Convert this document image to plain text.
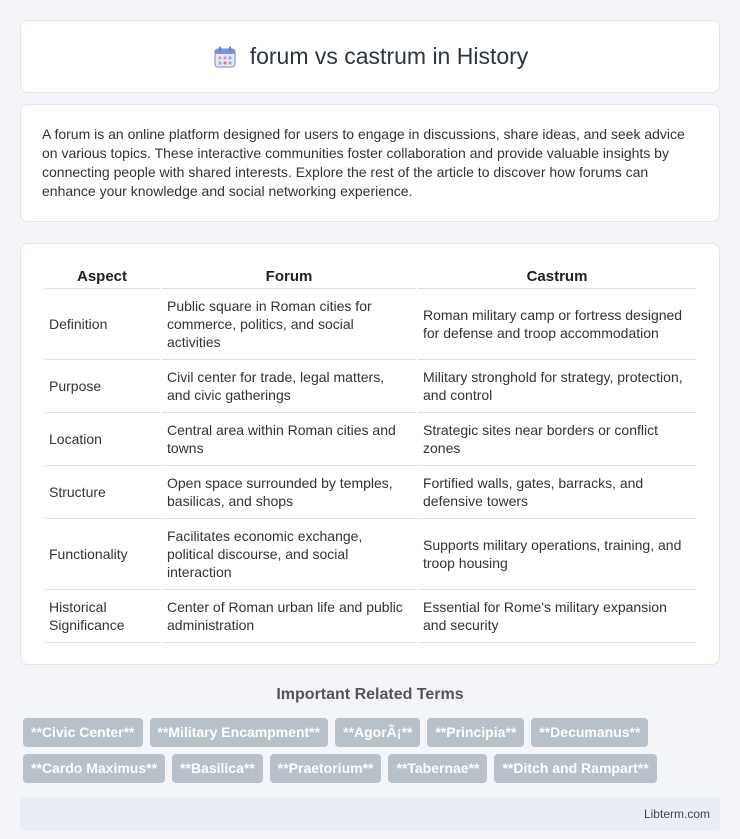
forum vs castrum in History

A forum is an online platform designed for users to engage in discussions, share ideas, and seek advice on various topics. These interactive communities foster collaboration and provide valuable insights by connecting people with shared interests. Explore the rest of the article to discover how forums can enhance your knowledge and social networking experience.

Aspect	Forum	Castrum
Definition	Public square in Roman cities for commerce, politics, and social activities	Roman military camp or fortress designed for defense and troop accommodation
Purpose	Civil center for trade, legal matters, and civic gatherings	Military stronghold for strategy, protection, and control
Location	Central area within Roman cities and towns	Strategic sites near borders or conflict zones
Structure	Open space surrounded by temples, basilicas, and shops	Fortified walls, gates, barracks, and defensive towers
Functionality	Facilitates economic exchange, political discourse, and social interaction	Supports military operations, training, and troop housing
Historical Significance	Center of Roman urban life and public administration	Essential for Rome's military expansion and security
Important Related Terms
**Civic Center**	**Military Encampment**	**AgorÃ¡**	**Principia**	**Decumanus**
**Cardo Maximus**	**Basilica**	**Praetorium**	**Tabernae**	**Ditch and Rampart**
Libterm.com
